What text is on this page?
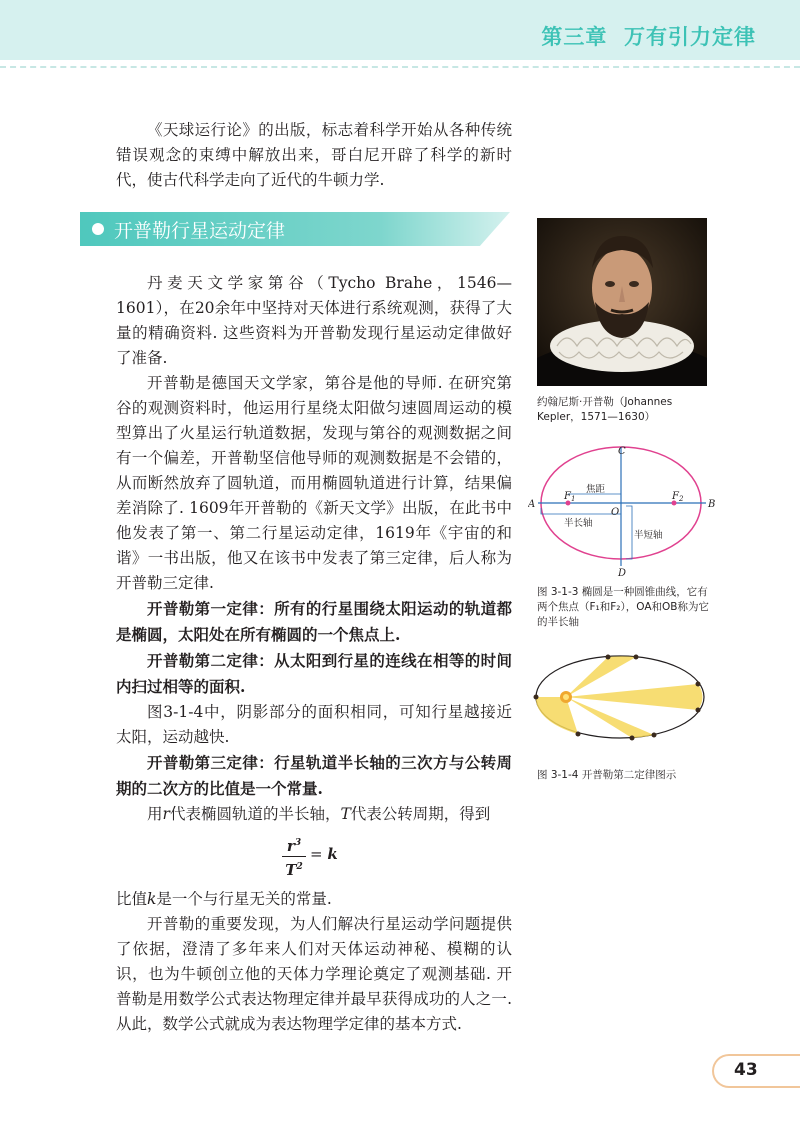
第三章  万有引力定律

《天球运行论》的出版，标志着科学开始从各种传统错误观念的束缚中解放出来，哥白尼开辟了科学的新时代，使古代科学走向了近代的牛顿力学.

开普勒行星运动定律

丹麦天文学家第谷（Tycho Brahe，1546—1601），在20余年中坚持对天体进行系统观测，获得了大量的精确资料. 这些资料为开普勒发现行星运动定律做好了准备.

开普勒是德国天文学家，第谷是他的导师. 在研究第谷的观测资料时，他运用行星绕太阳做匀速圆周运动的模型算出了火星运行轨道数据，发现与第谷的观测数据之间有一个偏差，开普勒坚信他导师的观测数据是不会错的，从而断然放弃了圆轨道，而用椭圆轨道进行计算，结果偏差消除了. 1609年开普勒的《新天文学》出版，在此书中他发表了第一、第二行星运动定律，1619年《宇宙的和谐》一书出版，他又在该书中发表了第三定律，后人称为开普勒三定律.

开普勒第一定律：所有的行星围绕太阳运动的轨道都是椭圆，太阳处在所有椭圆的一个焦点上.

开普勒第二定律：从太阳到行星的连线在相等的时间内扫过相等的面积.

图3-1-4中，阴影部分的面积相同，可知行星越接近太阳，运动越快.

开普勒第三定律：行星轨道半长轴的三次方与公转周期的二次方的比值是一个常量.

用r代表椭圆轨道的半长轴，T代表公转周期，得到

$\frac{r^3}{T^2} = k$

比值k是一个与行星无关的常量.

开普勒的重要发现，为人们解决行星运动学问题提供了依据，澄清了多年来人们对天体运动神秘、模糊的认识，也为牛顿创立他的天体力学理论奠定了观测基础. 开普勒是用数学公式表达物理定律并最早获得成功的人之一. 从此，数学公式就成为表达物理学定律的基本方式.

约翰尼斯·开普勒（Johannes Kepler，1571—1630）

A	B
C
D
O
$F_1$	$F_2$
焦距
半长轴
半短轴

图 3-1-3 椭圆是一种圆锥曲线，它有两个焦点（F₁和F₂），OA和OB称为它的半长轴

图 3-1-4 开普勒第二定律图示

43
